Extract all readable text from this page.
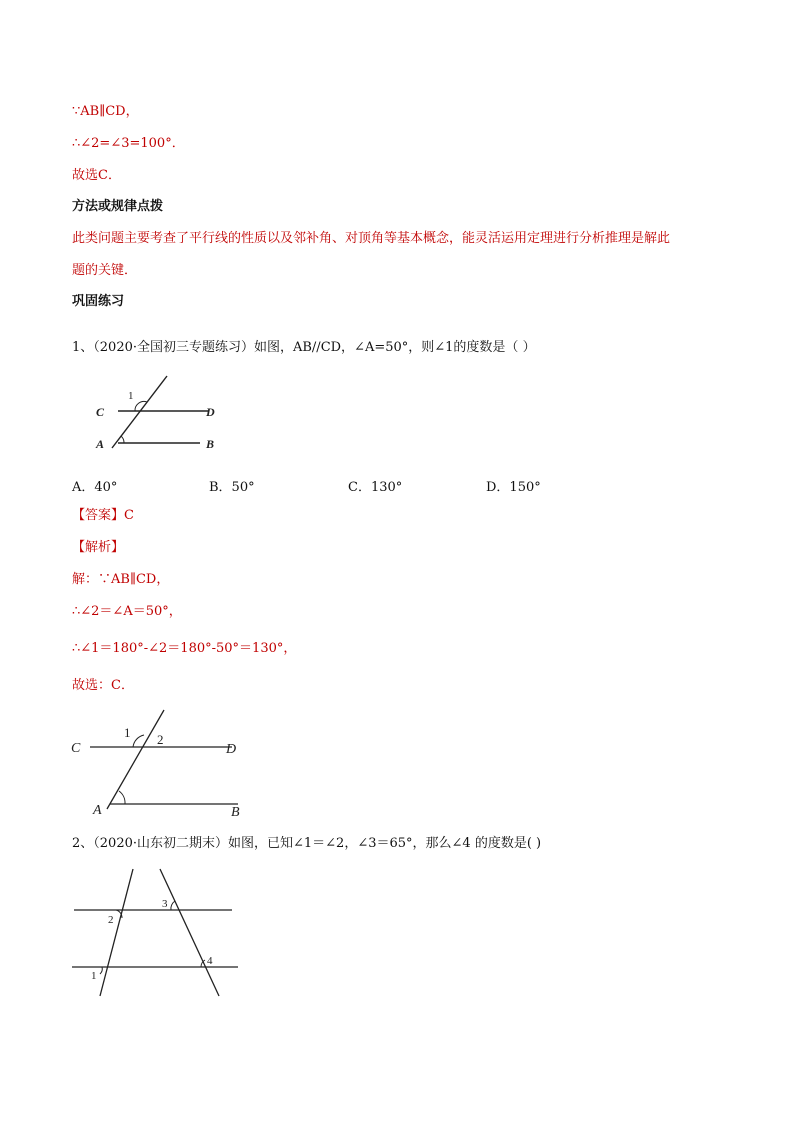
∵AB∥CD，
∴∠2=∠3=100°．
故选C．
方法或规律点拨
此类问题主要考查了平行线的性质以及邻补角、对顶角等基本概念，能灵活运用定理进行分析推理是解此
题的关键．
巩固练习
1、（2020·全国初三专题练习）如图，AB//CD，∠A=50°，则∠1的度数是（ ）
1
C	D
A	B
A．40°	B．50°	C．130°	D．150°
【答案】C
【解析】
解：∵AB∥CD，
∴∠2＝∠A＝50°，
∴∠1＝180°-∠2＝180°-50°＝130°，
故选：C．
1 2
C	D
A	B
2、（2020·山东初二期末）如图，已知∠1＝∠2，∠3＝65°，那么∠4 的度数是( )
2
1
3
4
